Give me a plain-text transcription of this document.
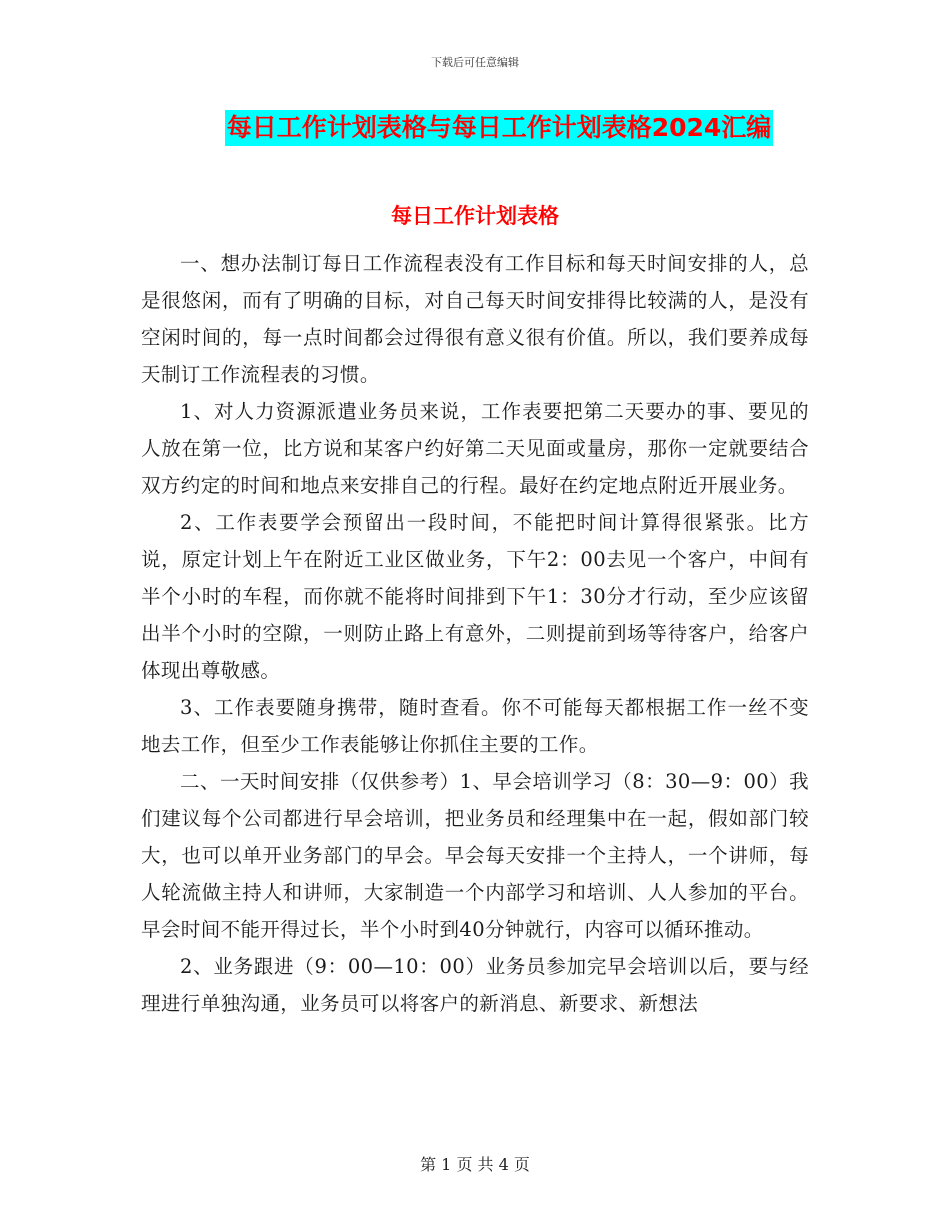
下载后可任意编辑
每日工作计划表格与每日工作计划表格2024汇编
每日工作计划表格

一、想办法制订每日工作流程表没有工作目标和每天时间安排的人，总是很悠闲，而有了明确的目标，对自己每天时间安排得比较满的人，是没有空闲时间的，每一点时间都会过得很有意义很有价值。所以，我们要养成每天制订工作流程表的习惯。

1、对人力资源派遣业务员来说，工作表要把第二天要办的事、要见的人放在第一位，比方说和某客户约好第二天见面或量房，那你一定就要结合双方约定的时间和地点来安排自己的行程。最好在约定地点附近开展业务。

2、工作表要学会预留出一段时间，不能把时间计算得很紧张。比方说，原定计划上午在附近工业区做业务，下午2：00去见一个客户，中间有半个小时的车程，而你就不能将时间排到下午1：30分才行动，至少应该留出半个小时的空隙，一则防止路上有意外，二则提前到场等待客户，给客户体现出尊敬感。

3、工作表要随身携带，随时查看。你不可能每天都根据工作一丝不变地去工作，但至少工作表能够让你抓住主要的工作。

二、一天时间安排（仅供参考）1、早会培训学习（8：30—9：00）我们建议每个公司都进行早会培训，把业务员和经理集中在一起，假如部门较大，也可以单开业务部门的早会。早会每天安排一个主持人，一个讲师，每人轮流做主持人和讲师，大家制造一个内部学习和培训、人人参加的平台。早会时间不能开得过长，半个小时到40分钟就行，内容可以循环推动。

2、业务跟进（9：00—10：00）业务员参加完早会培训以后，要与经理进行单独沟通，业务员可以将客户的新消息、新要求、新想法

第 1 页 共 4 页
